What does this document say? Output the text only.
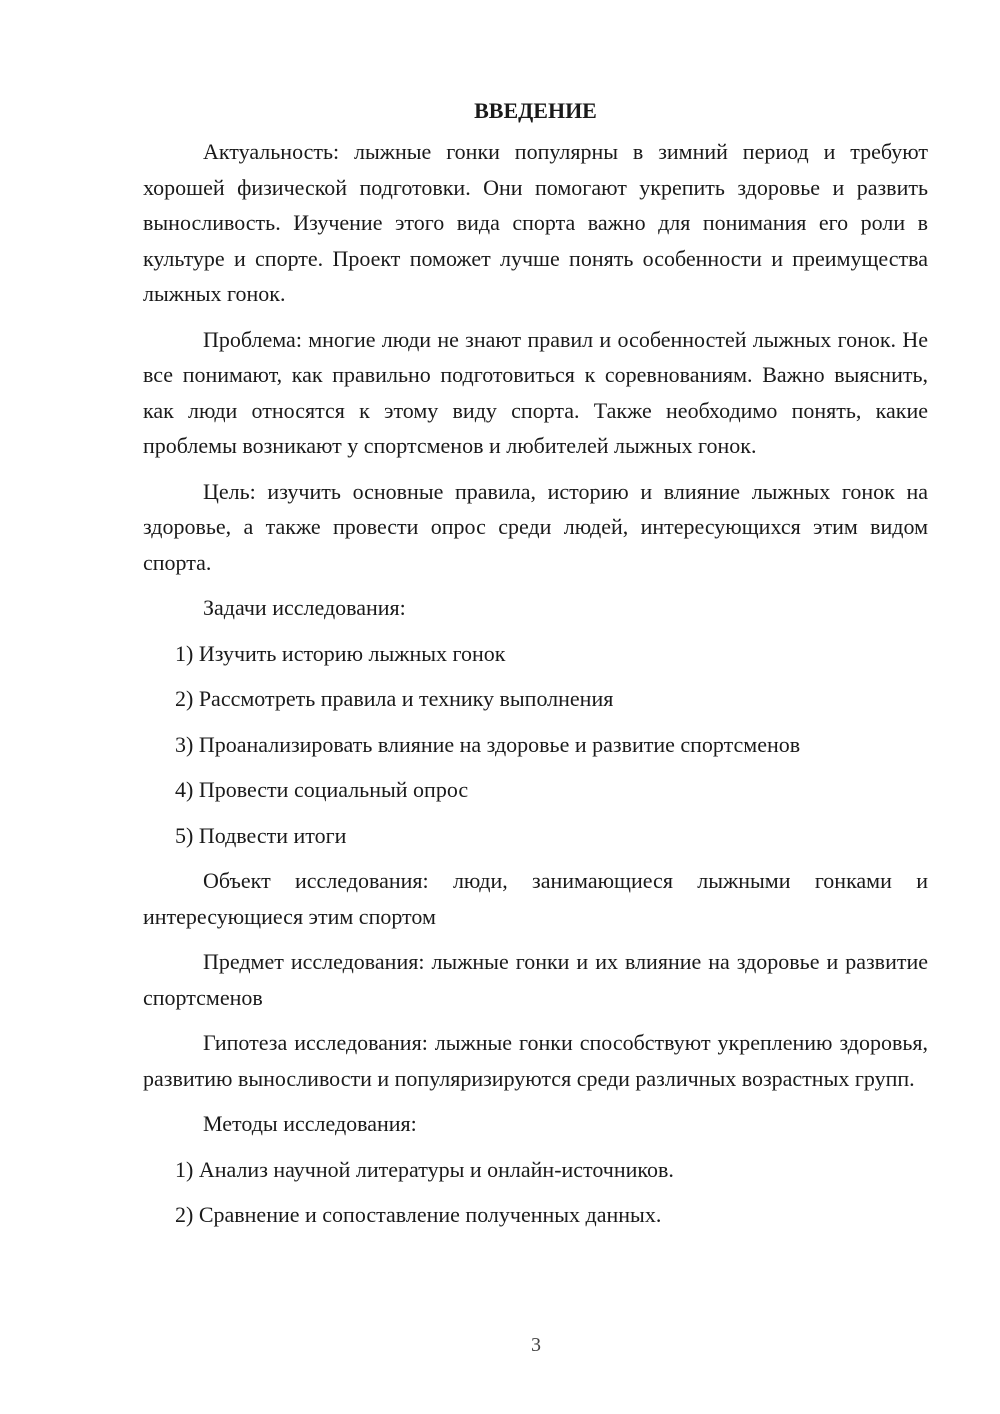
ВВЕДЕНИЕ

Актуальность: лыжные гонки популярны в зимний период и требуют хорошей физической подготовки. Они помогают укрепить здоровье и развить выносливость. Изучение этого вида спорта важно для понимания его роли в культуре и спорте. Проект поможет лучше понять особенности и преимущества лыжных гонок.

Проблема: многие люди не знают правил и особенностей лыжных гонок. Не все понимают, как правильно подготовиться к соревнованиям. Важно выяснить, как люди относятся к этому виду спорта. Также необходимо понять, какие проблемы возникают у спортсменов и любителей лыжных гонок.

Цель: изучить основные правила, историю и влияние лыжных гонок на здоровье, а также провести опрос среди людей, интересующихся этим видом спорта.

Задачи исследования:

1) Изучить историю лыжных гонок
2) Рассмотреть правила и технику выполнения
3) Проанализировать влияние на здоровье и развитие спортсменов
4) Провести социальный опрос
5) Подвести итоги

Объект исследования: люди, занимающиеся лыжными гонками и интересующиеся этим спортом

Предмет исследования: лыжные гонки и их влияние на здоровье и развитие спортсменов

Гипотеза исследования: лыжные гонки способствуют укреплению здоровья, развитию выносливости и популяризируются среди различных возрастных групп.

Методы исследования:

1) Анализ научной литературы и онлайн-источников.
2) Сравнение и сопоставление полученных данных.
3
